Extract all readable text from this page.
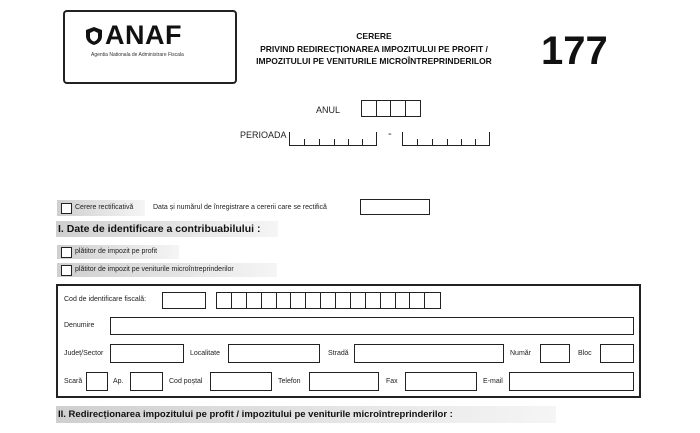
ANAF
Agentia Nationala de Administrare Fiscala
CERERE
PRIVIND REDIRECȚIONAREA IMPOZITULUI PE PROFIT /
IMPOZITULUI PE VENITURILE MICROÎNTREPRINDERILOR	177
ANUL
PERIOADA	-
Cerere rectificativă	Data și numărul de înregistrare a cererii care se rectifică
I. Date de identificare a contribuabilului :
plătitor de impozit pe profit
plătitor de impozit pe veniturile microîntreprinderilor
Cod de identificare fiscală:
Denumire
Județ/Sector	Localitate	Stradă	Număr	Bloc
Scară	Ap.	Cod poștal	Telefon	Fax	E-mail
II. Redirecționarea impozitului pe profit / impozitului pe veniturile microîntreprinderilor :
